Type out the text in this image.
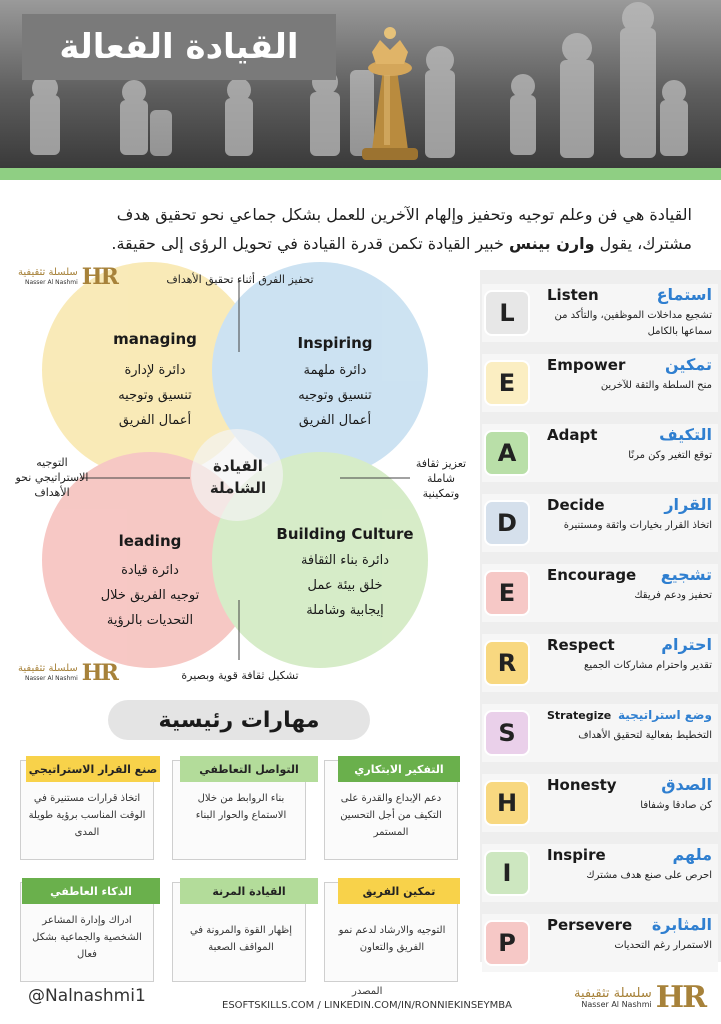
القيادة الفعالة
القيادة هي فن وعلم توجيه وتحفيز وإلهام الآخرين للعمل بشكل جماعي نحو تحقيق هدف
مشترك، يقول وارن بينس خبير القيادة تكمن قدرة القيادة في تحويل الرؤى إلى حقيقة.
تحفيز الفرق أثناء تحقيق الأهداف
التوجيه الاستراتيجي نحو الأهداف
تعزيز ثقافة شاملة وتمكينية
تشكيل ثقافة قوية وبصيرة
managing
دائرة لإدارة
تنسيق وتوجيه
أعمال الفريق
Inspiring
دائرة ملهمة
تنسيق وتوجيه
أعمال الفريق
leading
دائرة قيادة
توجيه الفريق خلال
التحديات بالرؤية
Building Culture
دائرة بناء الثقافة
خلق بيئة عمل
إيجابية وشاملة
القيادة الشاملة
سلسلة تثقيفية
Nasser Al Nashmi HR
سلسلة تثقيفية
Nasser Al Nashmi HR
L
Listen	استماع
تشجيع مداخلات الموظفين، والتأكد من سماعها بالكامل
E
Empower تمكين
منح السلطة والثقة للآخرين
A
Adapt	التكيف
توقع التغير وكن مرنًا
D
Decide	القرار
اتخاذ القرار بخيارات واثقة ومستنيرة
E
Encourage تشجيع
تحفيز ودعم فريقك
R
Respect	احترام
تقدير واحترام مشاركات الجميع
S
Strategize وضع استراتيجية
التخطيط بفعالية لتحقيق الأهداف
H
Honesty	الصدق
كن صادقا وشفافا
I
Inspire	ملهم
احرص على صنع هدف مشترك
P
Persevere المثابرة
الاستمرار رغم التحديات
مهارات رئيسية
صنع القرار الاستراتيجي
اتخاذ قرارات مستنيرة في الوقت المناسب برؤية طويلة المدى
التواصل التعاطفي
بناء الروابط من خلال الاستماع والحوار البناء
التفكير الابتكاري
دعم الإبداع والقدرة على التكيف من أجل التحسين المستمر
الذكاء العاطفي
ادراك وإدارة المشاعر الشخصية والجماعية بشكل فعال
القيادة المرنة
إظهار القوة والمرونة في المواقف الصعبة
تمكين الفريق
التوجيه والارشاد لدعم نمو الفريق والتعاون
@Nalnashmi1	المصدر
ESOFTSKILLS.COM / LINKEDIN.COM/IN/RONNIEKINSEYMBA
سلسلة تثقيفية
Nasser Al Nashmi HR
